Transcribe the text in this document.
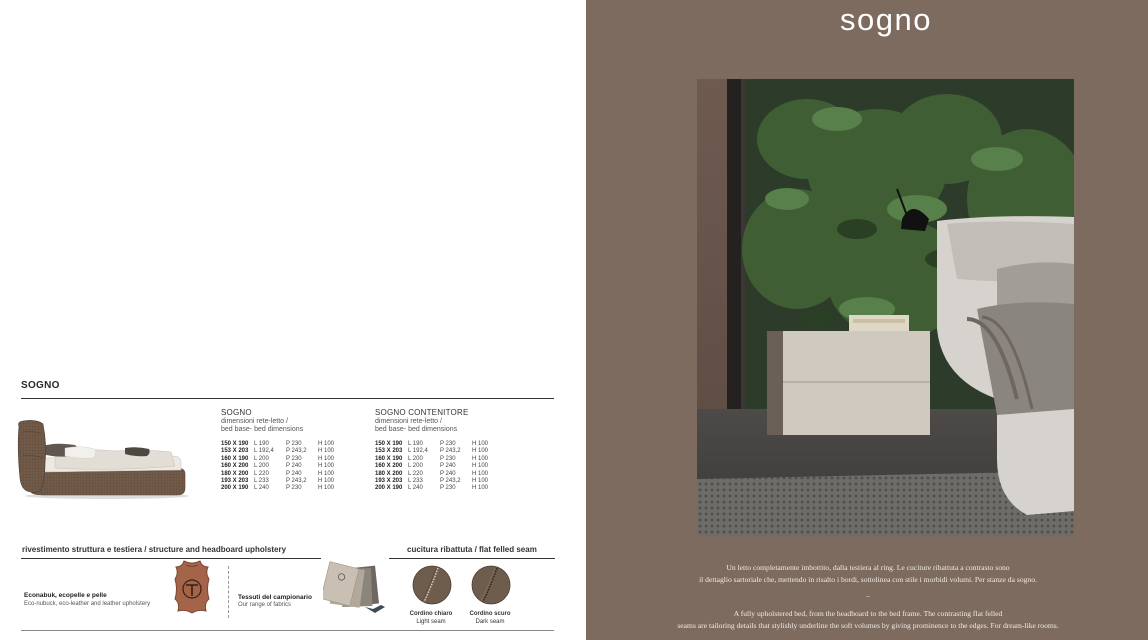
SOGNO
SOGNO
dimensioni rete-letto /
bed base- bed dimensions
150 X 190	L 190	P 230	H 100
153 X 203	L 192,4	P 243,2	H 100
160 X 190	L 200	P 230	H 100
160 X 200	L 200	P 240	H 100
180 X 200	L 220	P 240	H 100
193 X 203	L 233	P 243,2	H 100
200 X 190	L 240	P 230	H 100
SOGNO CONTENITORE
dimensioni rete-letto /
bed base- bed dimensions
150 X 190	L 190	P 230	H 100
153 X 203	L 192,4	P 243,2	H 100
160 X 190	L 200	P 230	H 100
160 X 200	L 200	P 240	H 100
180 X 200	L 220	P 240	H 100
193 X 203	L 233	P 243,2	H 100
200 X 190	L 240	P 230	H 100
rivestimento struttura e testiera / structure and headboard upholstery
Econabuk, ecopelle e pelle
Eco-nubuck, eco-leather and leather upholstery
Tessuti del campionario
Our range of fabrics
cucitura ribattuta / flat felled seam
Cordino chiaro
Light seam
Cordino scuro
Dark seam
sogno
Un letto completamente imbottito, dalla testiera al ring. Le cuciture ribattuta a contrasto sono
il dettaglio sartoriale che, mettendo in risalto i bordi, sottolinea con stile i morbidi volumi. Per stanze da sogno.
–
A fully upholstered bed, from the headboard to the bed frame. The contrasting flat felled
seams are tailoring details that stylishly underline the soft volumes by giving prominence to the edges. For dream-like rooms.
